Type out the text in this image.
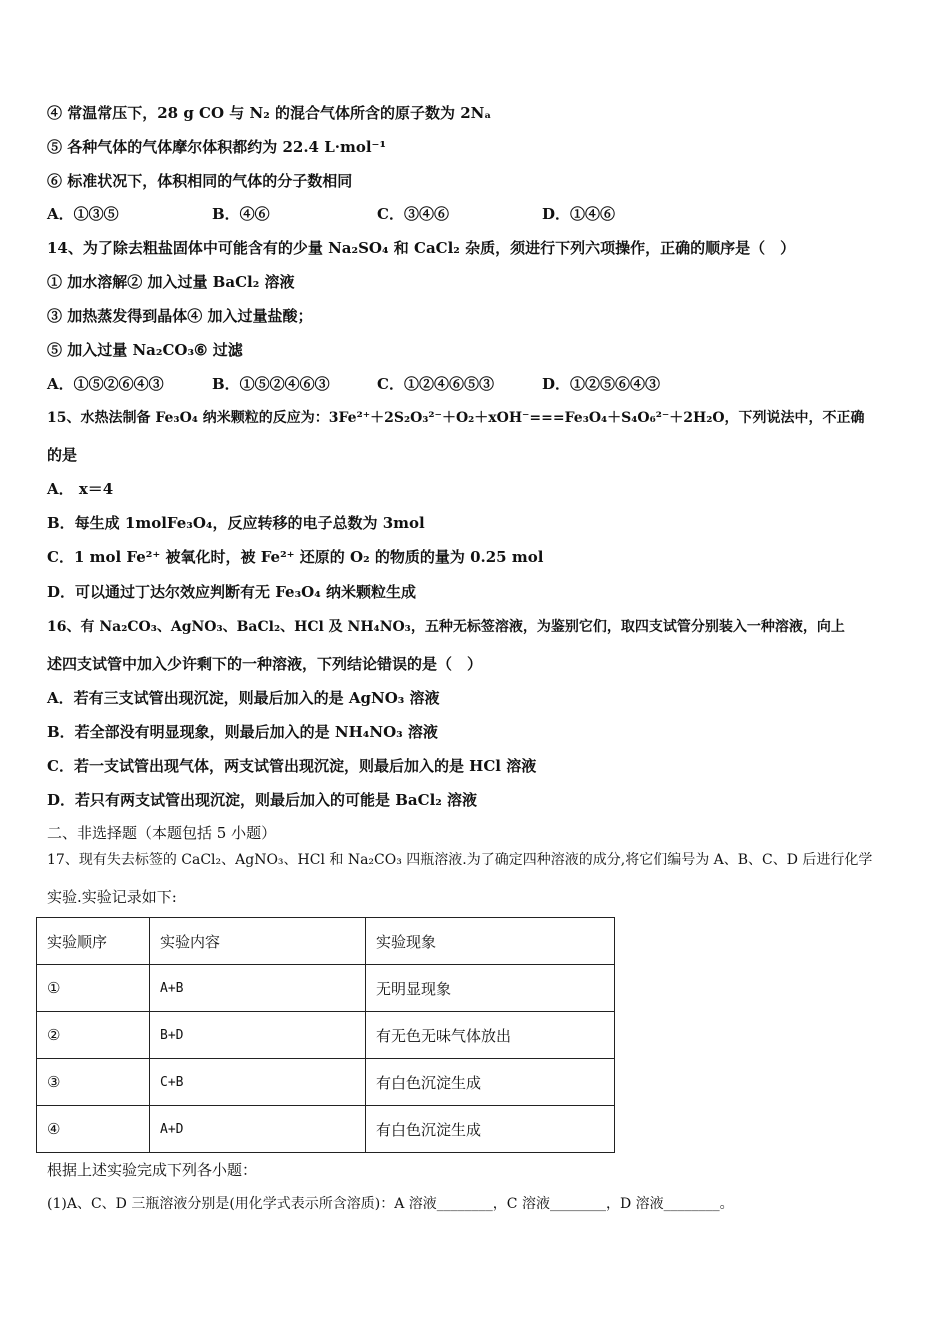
④ 常温常压下，28 g CO 与 N₂ 的混合气体所含的原子数为 2Nₐ
⑤ 各种气体的气体摩尔体积都约为 22.4 L·mol⁻¹
⑥ 标准状况下，体积相同的气体的分子数相同
A．①③⑤	B．④⑥	C．③④⑥	D．①④⑥
14、为了除去粗盐固体中可能含有的少量 Na₂SO₄ 和 CaCl₂ 杂质，须进行下列六项操作，正确的顺序是（　）
① 加水溶解② 加入过量 BaCl₂ 溶液
③ 加热蒸发得到晶体④ 加入过量盐酸；
⑤ 加入过量 Na₂CO₃⑥ 过滤
A．①⑤②⑥④③	B．①⑤②④⑥③	C．①②④⑥⑤③	D．①②⑤⑥④③
15、水热法制备 Fe₃O₄ 纳米颗粒的反应为：3Fe²⁺＋2S₂O₃²⁻＋O₂＋xOH⁻===Fe₃O₄＋S₄O₆²⁻＋2H₂O，下列说法中，不正确
的是
A． x＝4
B．每生成 1molFe₃O₄，反应转移的电子总数为 3mol
C．1 mol Fe²⁺ 被氧化时，被 Fe²⁺ 还原的 O₂ 的物质的量为 0.25 mol
D．可以通过丁达尔效应判断有无 Fe₃O₄ 纳米颗粒生成
16、有 Na₂CO₃、AgNO₃、BaCl₂、HCl 及 NH₄NO₃，五种无标签溶液，为鉴别它们，取四支试管分别装入一种溶液，向上
述四支试管中加入少许剩下的一种溶液，下列结论错误的是（　）
A．若有三支试管出现沉淀，则最后加入的是 AgNO₃ 溶液
B．若全部没有明显现象，则最后加入的是 NH₄NO₃ 溶液
C．若一支试管出现气体，两支试管出现沉淀，则最后加入的是 HCl 溶液
D．若只有两支试管出现沉淀，则最后加入的可能是 BaCl₂ 溶液
二、非选择题（本题包括 5 小题）
17、现有失去标签的 CaCl₂、AgNO₃、HCl 和 Na₂CO₃ 四瓶溶液.为了确定四种溶液的成分,将它们编号为 A、B、C、D 后进行化学
实验.实验记录如下:
实验顺序	实验内容	实验现象
①	A+B	无明显现象
②	B+D	有无色无味气体放出
③	C+B	有白色沉淀生成
④	A+D	有白色沉淀生成
根据上述实验完成下列各小题：
(1)A、C、D 三瓶溶液分别是(用化学式表示所含溶质)：A 溶液________，C 溶液________，D 溶液________。
